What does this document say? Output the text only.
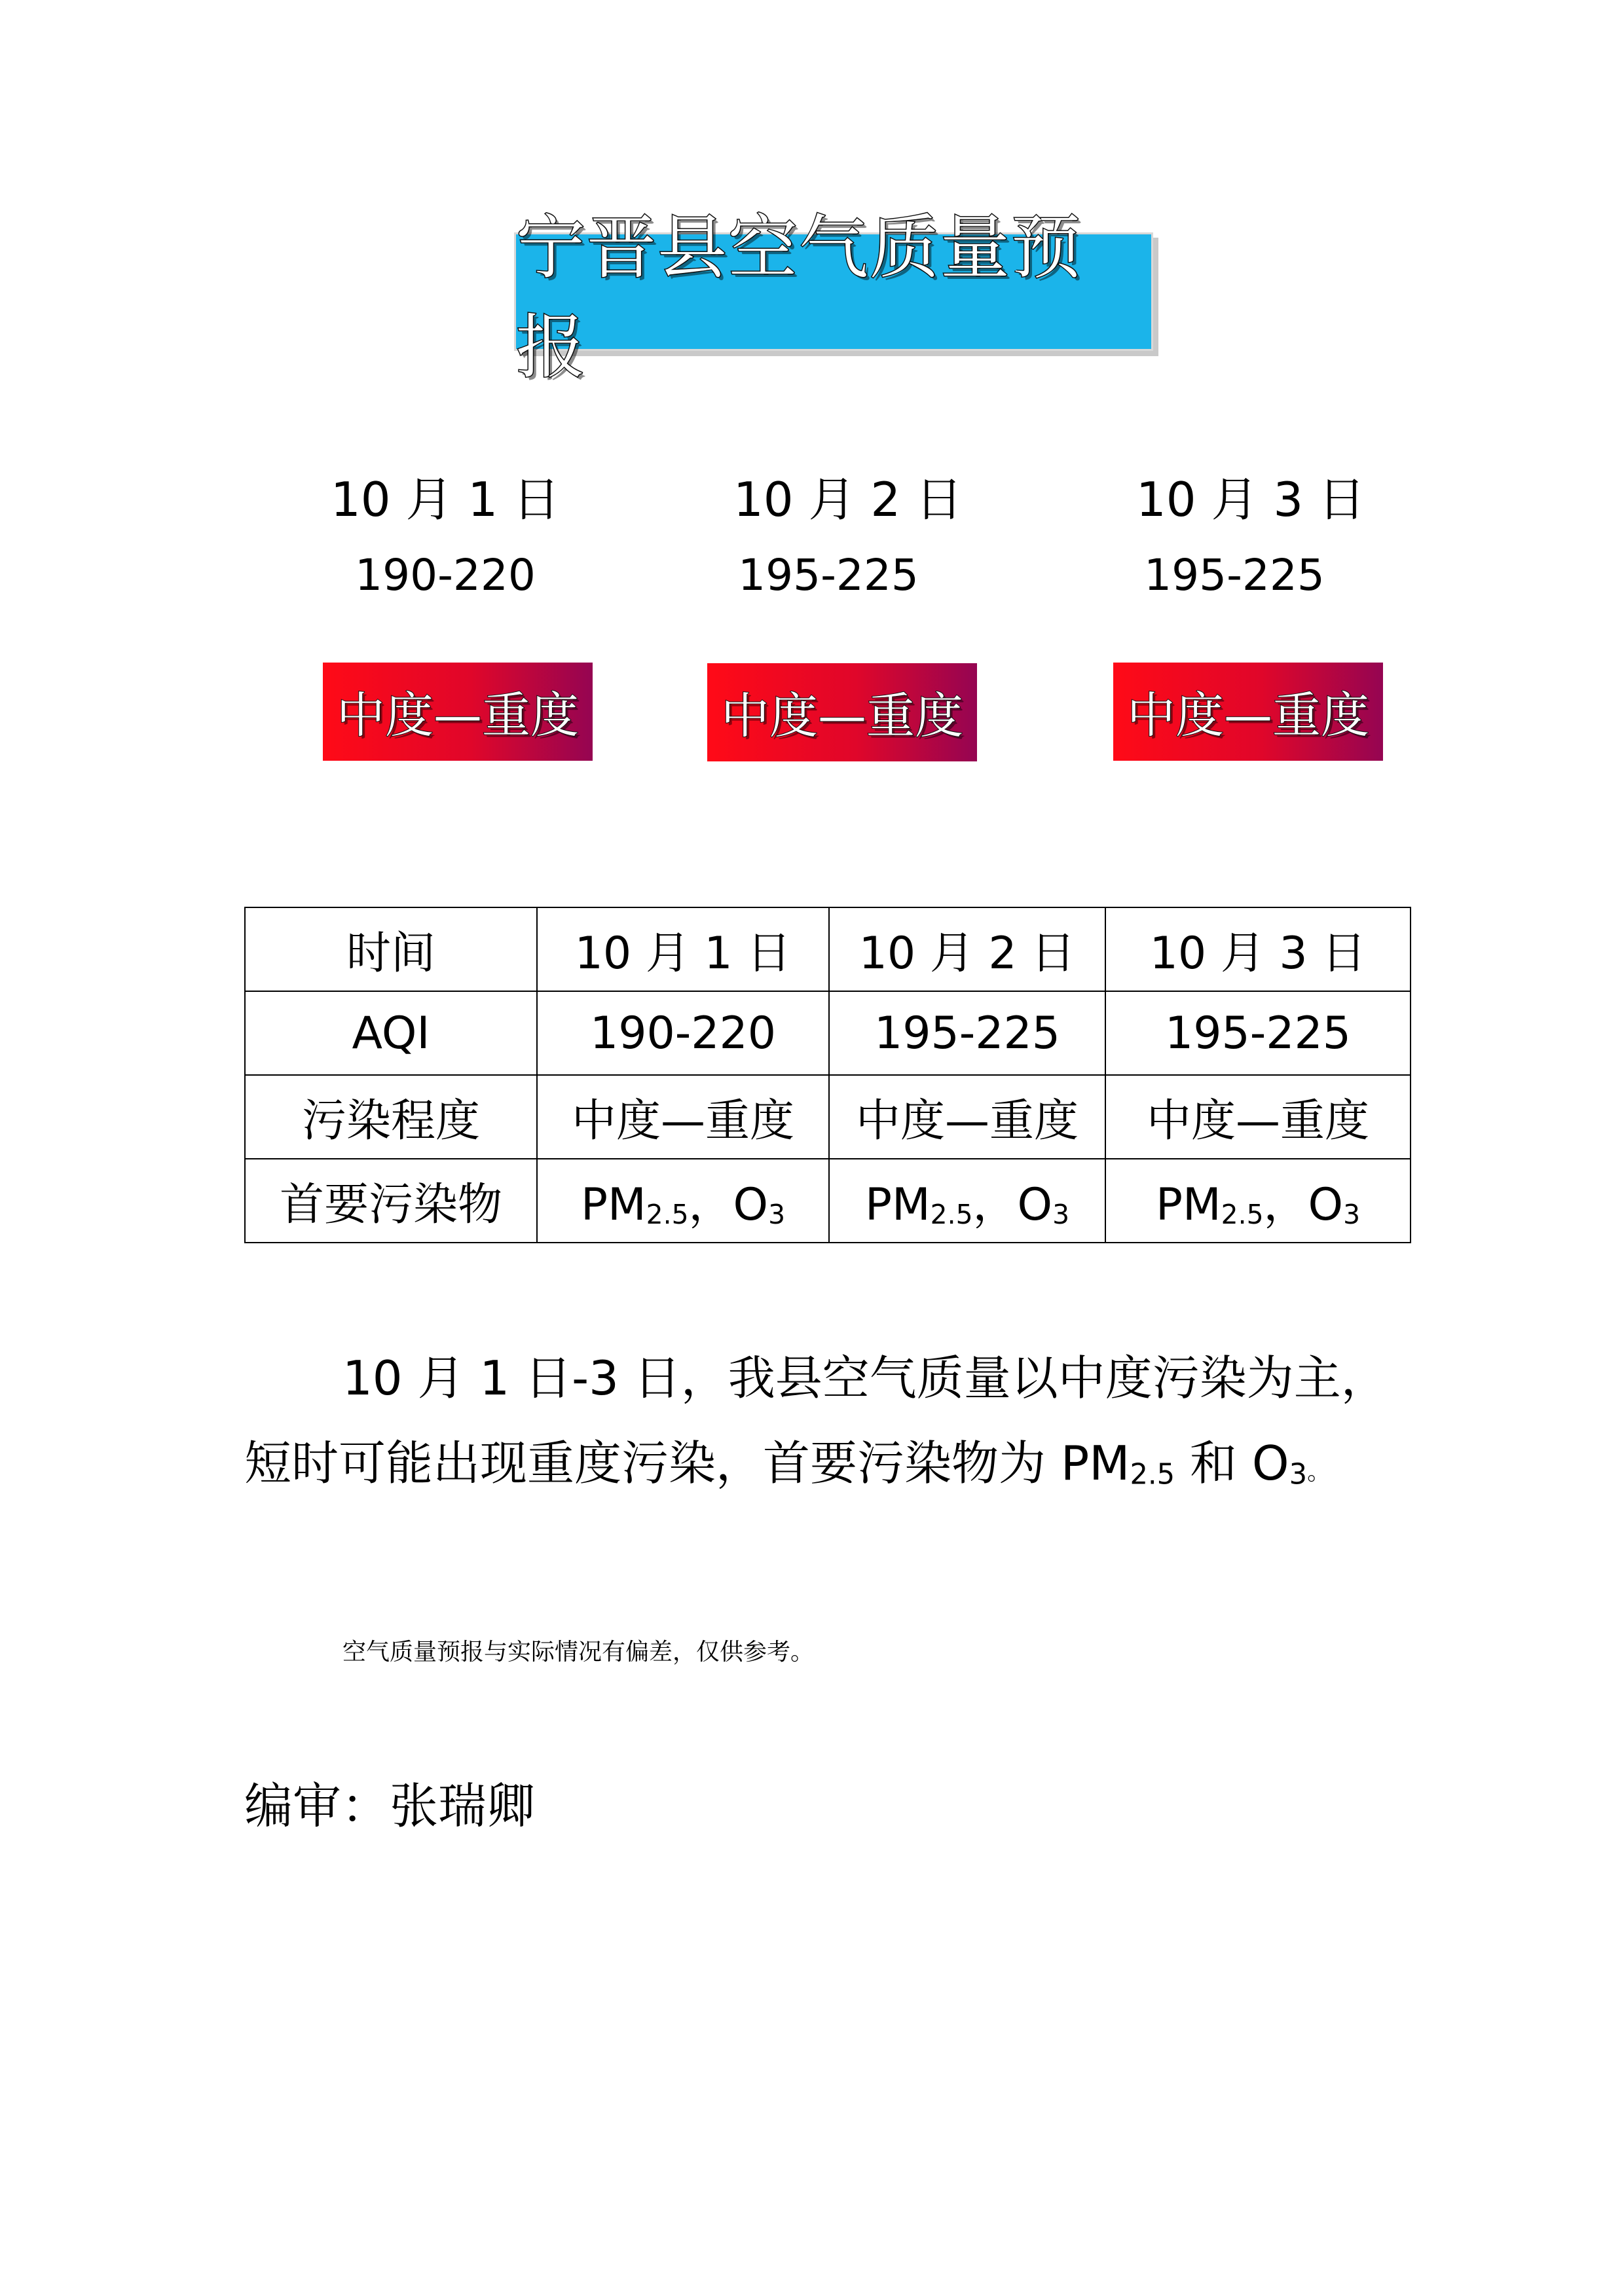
宁晋县空气质量预报
10 月 1 日	10 月 2 日	10 月 3 日
190-220	195-225	195-225
中度—重度	中度—重度	中度—重度
时间	10 月 1 日	10 月 2 日	10 月 3 日
AQI	190-220	195-225	195-225
污染程度	中度—重度	中度—重度	中度—重度
首要污染物	$PM_{2.5}$，$O_3$	$PM_{2.5}$，$O_3$	$PM_{2.5}$，$O_3$
10 月 1 日-3 日，我县空气质量以中度污染为主，
短时可能出现重度污染，首要污染物为 $PM_{2.5}$ 和 $O_3$。
空气质量预报与实际情况有偏差，仅供参考。
编审：张瑞卿
